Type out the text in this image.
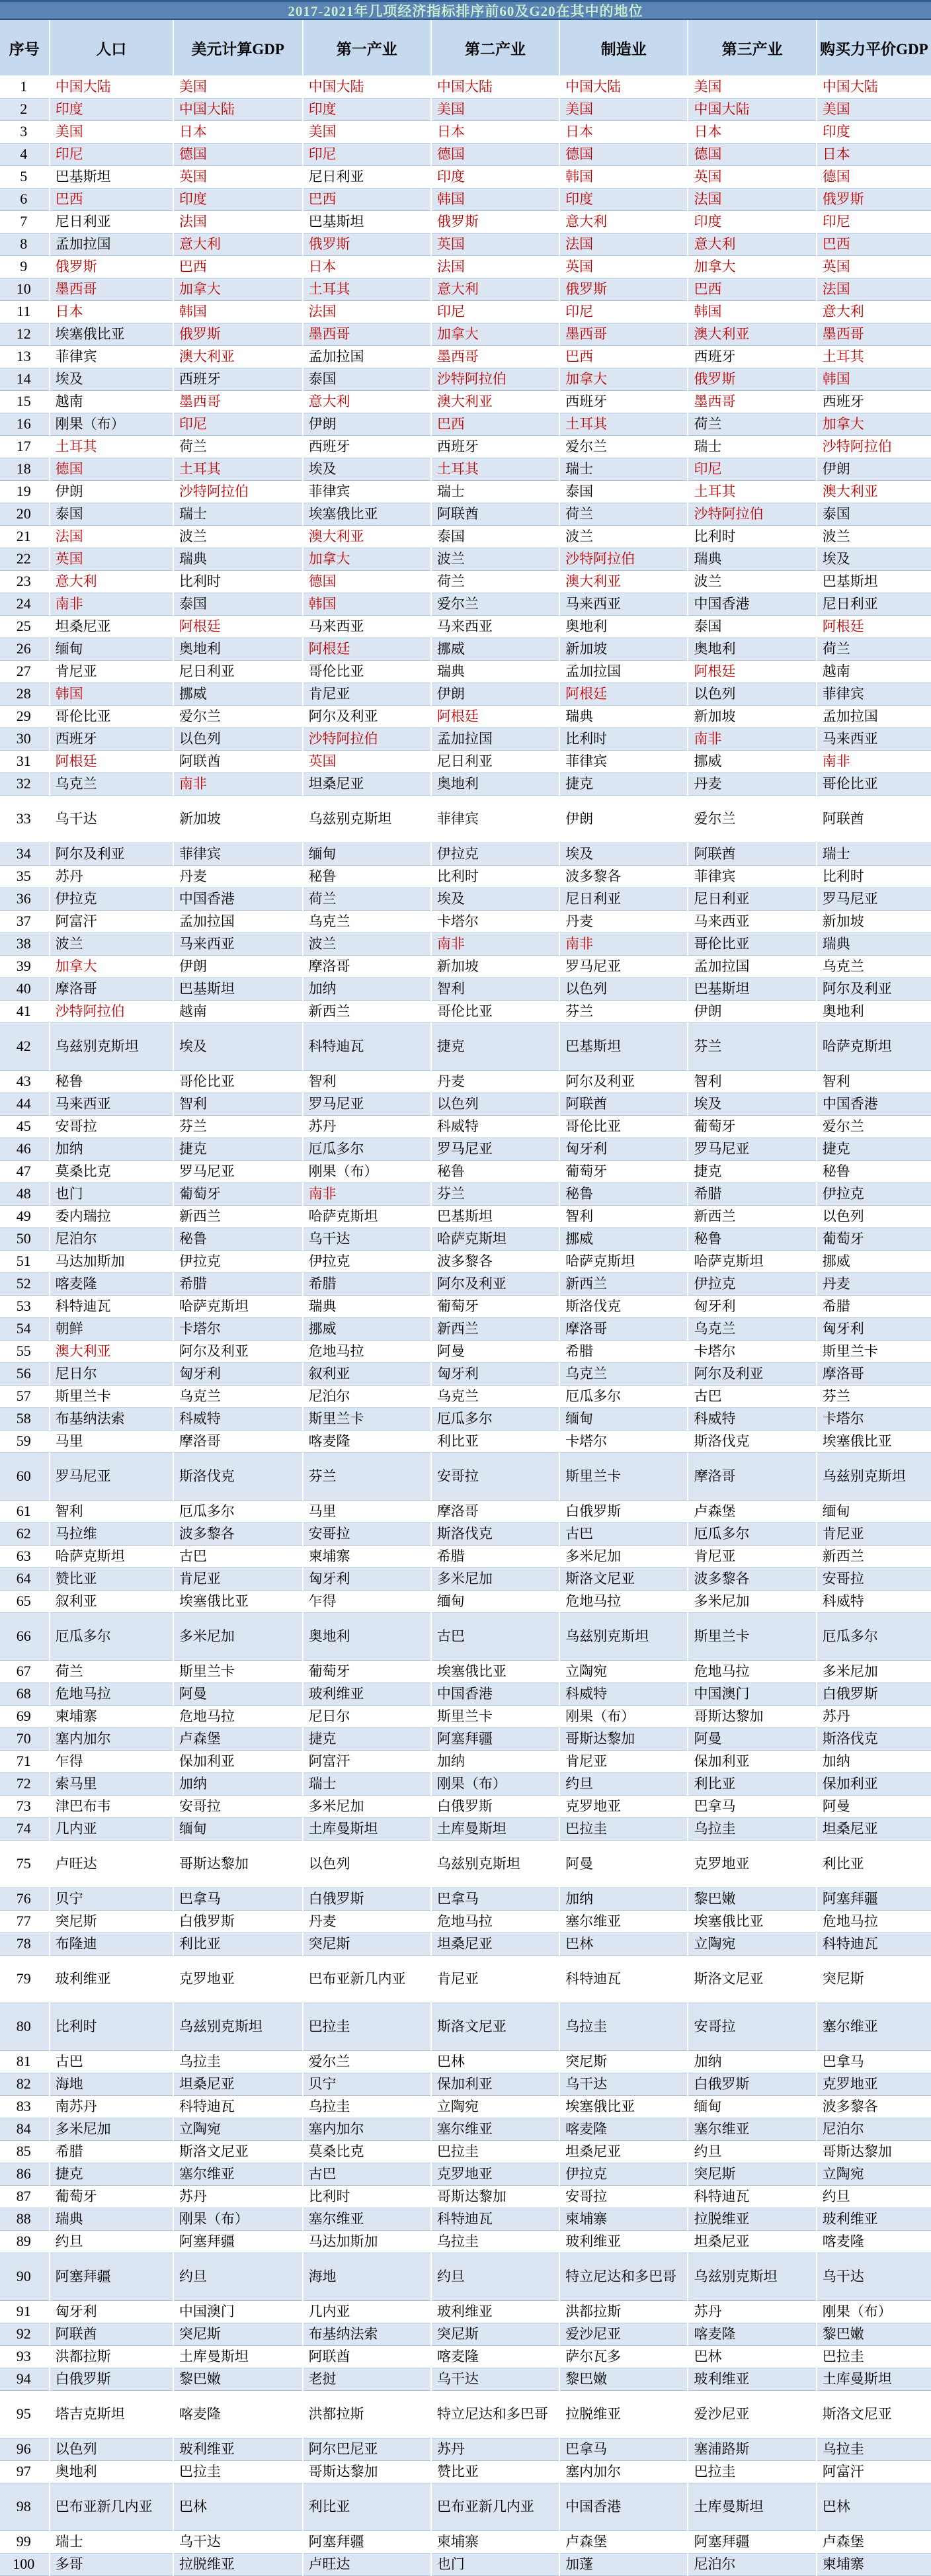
2017-2021年几项经济指标排序前60及G20在其中的地位
序号	人口	美元计算GDP	第一产业	第二产业	制造业	第三产业	购买力平价GDP
1	中国大陆	美国	中国大陆	中国大陆	中国大陆	美国	中国大陆
2	印度	中国大陆	印度	美国	美国	中国大陆	美国
3	美国	日本	美国	日本	日本	日本	印度
4	印尼	德国	印尼	德国	德国	德国	日本
5	巴基斯坦	英国	尼日利亚	印度	韩国	英国	德国
6	巴西	印度	巴西	韩国	印度	法国	俄罗斯
7	尼日利亚	法国	巴基斯坦	俄罗斯	意大利	印度	印尼
8	孟加拉国	意大利	俄罗斯	英国	法国	意大利	巴西
9	俄罗斯	巴西	日本	法国	英国	加拿大	英国
10	墨西哥	加拿大	土耳其	意大利	俄罗斯	巴西	法国
11	日本	韩国	法国	印尼	印尼	韩国	意大利
12	埃塞俄比亚	俄罗斯	墨西哥	加拿大	墨西哥	澳大利亚	墨西哥
13	菲律宾	澳大利亚	孟加拉国	墨西哥	巴西	西班牙	土耳其
14	埃及	西班牙	泰国	沙特阿拉伯	加拿大	俄罗斯	韩国
15	越南	墨西哥	意大利	澳大利亚	西班牙	墨西哥	西班牙
16	刚果（布）	印尼	伊朗	巴西	土耳其	荷兰	加拿大
17	土耳其	荷兰	西班牙	西班牙	爱尔兰	瑞士	沙特阿拉伯
18	德国	土耳其	埃及	土耳其	瑞士	印尼	伊朗
19	伊朗	沙特阿拉伯	菲律宾	瑞士	泰国	土耳其	澳大利亚
20	泰国	瑞士	埃塞俄比亚	阿联酋	荷兰	沙特阿拉伯	泰国
21	法国	波兰	澳大利亚	泰国	波兰	比利时	波兰
22	英国	瑞典	加拿大	波兰	沙特阿拉伯	瑞典	埃及
23	意大利	比利时	德国	荷兰	澳大利亚	波兰	巴基斯坦
24	南非	泰国	韩国	爱尔兰	马来西亚	中国香港	尼日利亚
25	坦桑尼亚	阿根廷	马来西亚	马来西亚	奥地利	泰国	阿根廷
26	缅甸	奥地利	阿根廷	挪威	新加坡	奥地利	荷兰
27	肯尼亚	尼日利亚	哥伦比亚	瑞典	孟加拉国	阿根廷	越南
28	韩国	挪威	肯尼亚	伊朗	阿根廷	以色列	菲律宾
29	哥伦比亚	爱尔兰	阿尔及利亚	阿根廷	瑞典	新加坡	孟加拉国
30	西班牙	以色列	沙特阿拉伯	孟加拉国	比利时	南非	马来西亚
31	阿根廷	阿联酋	英国	尼日利亚	菲律宾	挪威	南非
32	乌克兰	南非	坦桑尼亚	奥地利	捷克	丹麦	哥伦比亚
33	乌干达	新加坡	乌兹别克斯坦	菲律宾	伊朗	爱尔兰	阿联酋
34	阿尔及利亚	菲律宾	缅甸	伊拉克	埃及	阿联酋	瑞士
35	苏丹	丹麦	秘鲁	比利时	波多黎各	菲律宾	比利时
36	伊拉克	中国香港	荷兰	埃及	尼日利亚	尼日利亚	罗马尼亚
37	阿富汗	孟加拉国	乌克兰	卡塔尔	丹麦	马来西亚	新加坡
38	波兰	马来西亚	波兰	南非	南非	哥伦比亚	瑞典
39	加拿大	伊朗	摩洛哥	新加坡	罗马尼亚	孟加拉国	乌克兰
40	摩洛哥	巴基斯坦	加纳	智利	以色列	巴基斯坦	阿尔及利亚
41	沙特阿拉伯	越南	新西兰	哥伦比亚	芬兰	伊朗	奥地利
42	乌兹别克斯坦	埃及	科特迪瓦	捷克	巴基斯坦	芬兰	哈萨克斯坦
43	秘鲁	哥伦比亚	智利	丹麦	阿尔及利亚	智利	智利
44	马来西亚	智利	罗马尼亚	以色列	阿联酋	埃及	中国香港
45	安哥拉	芬兰	苏丹	科威特	哥伦比亚	葡萄牙	爱尔兰
46	加纳	捷克	厄瓜多尔	罗马尼亚	匈牙利	罗马尼亚	捷克
47	莫桑比克	罗马尼亚	刚果（布）	秘鲁	葡萄牙	捷克	秘鲁
48	也门	葡萄牙	南非	芬兰	秘鲁	希腊	伊拉克
49	委内瑞拉	新西兰	哈萨克斯坦	巴基斯坦	智利	新西兰	以色列
50	尼泊尔	秘鲁	乌干达	哈萨克斯坦	挪威	秘鲁	葡萄牙
51	马达加斯加	伊拉克	伊拉克	波多黎各	哈萨克斯坦	哈萨克斯坦	挪威
52	喀麦隆	希腊	希腊	阿尔及利亚	新西兰	伊拉克	丹麦
53	科特迪瓦	哈萨克斯坦	瑞典	葡萄牙	斯洛伐克	匈牙利	希腊
54	朝鲜	卡塔尔	挪威	新西兰	摩洛哥	乌克兰	匈牙利
55	澳大利亚	阿尔及利亚	危地马拉	阿曼	希腊	卡塔尔	斯里兰卡
56	尼日尔	匈牙利	叙利亚	匈牙利	乌克兰	阿尔及利亚	摩洛哥
57	斯里兰卡	乌克兰	尼泊尔	乌克兰	厄瓜多尔	古巴	芬兰
58	布基纳法索	科威特	斯里兰卡	厄瓜多尔	缅甸	科威特	卡塔尔
59	马里	摩洛哥	喀麦隆	利比亚	卡塔尔	斯洛伐克	埃塞俄比亚
60	罗马尼亚	斯洛伐克	芬兰	安哥拉	斯里兰卡	摩洛哥	乌兹别克斯坦
61	智利	厄瓜多尔	马里	摩洛哥	白俄罗斯	卢森堡	缅甸
62	马拉维	波多黎各	安哥拉	斯洛伐克	古巴	厄瓜多尔	肯尼亚
63	哈萨克斯坦	古巴	柬埔寨	希腊	多米尼加	肯尼亚	新西兰
64	赞比亚	肯尼亚	匈牙利	多米尼加	斯洛文尼亚	波多黎各	安哥拉
65	叙利亚	埃塞俄比亚	乍得	缅甸	危地马拉	多米尼加	科威特
66	厄瓜多尔	多米尼加	奥地利	古巴	乌兹别克斯坦	斯里兰卡	厄瓜多尔
67	荷兰	斯里兰卡	葡萄牙	埃塞俄比亚	立陶宛	危地马拉	多米尼加
68	危地马拉	阿曼	玻利维亚	中国香港	科威特	中国澳门	白俄罗斯
69	柬埔寨	危地马拉	尼日尔	斯里兰卡	刚果（布）	哥斯达黎加	苏丹
70	塞内加尔	卢森堡	捷克	阿塞拜疆	哥斯达黎加	阿曼	斯洛伐克
71	乍得	保加利亚	阿富汗	加纳	肯尼亚	保加利亚	加纳
72	索马里	加纳	瑞士	刚果（布）	约旦	利比亚	保加利亚
73	津巴布韦	安哥拉	多米尼加	白俄罗斯	克罗地亚	巴拿马	阿曼
74	几内亚	缅甸	土库曼斯坦	土库曼斯坦	巴拉圭	乌拉圭	坦桑尼亚
75	卢旺达	哥斯达黎加	以色列	乌兹别克斯坦	阿曼	克罗地亚	利比亚
76	贝宁	巴拿马	白俄罗斯	巴拿马	加纳	黎巴嫩	阿塞拜疆
77	突尼斯	白俄罗斯	丹麦	危地马拉	塞尔维亚	埃塞俄比亚	危地马拉
78	布隆迪	利比亚	突尼斯	坦桑尼亚	巴林	立陶宛	科特迪瓦
79	玻利维亚	克罗地亚	巴布亚新几内亚	肯尼亚	科特迪瓦	斯洛文尼亚	突尼斯
80	比利时	乌兹别克斯坦	巴拉圭	斯洛文尼亚	乌拉圭	安哥拉	塞尔维亚
81	古巴	乌拉圭	爱尔兰	巴林	突尼斯	加纳	巴拿马
82	海地	坦桑尼亚	贝宁	保加利亚	乌干达	白俄罗斯	克罗地亚
83	南苏丹	科特迪瓦	乌拉圭	立陶宛	埃塞俄比亚	缅甸	波多黎各
84	多米尼加	立陶宛	塞内加尔	塞尔维亚	喀麦隆	塞尔维亚	尼泊尔
85	希腊	斯洛文尼亚	莫桑比克	巴拉圭	坦桑尼亚	约旦	哥斯达黎加
86	捷克	塞尔维亚	古巴	克罗地亚	伊拉克	突尼斯	立陶宛
87	葡萄牙	苏丹	比利时	哥斯达黎加	安哥拉	科特迪瓦	约旦
88	瑞典	刚果（布）	塞尔维亚	科特迪瓦	柬埔寨	拉脱维亚	玻利维亚
89	约旦	阿塞拜疆	马达加斯加	乌拉圭	玻利维亚	坦桑尼亚	喀麦隆
90	阿塞拜疆	约旦	海地	约旦	特立尼达和多巴哥	乌兹别克斯坦	乌干达
91	匈牙利	中国澳门	几内亚	玻利维亚	洪都拉斯	苏丹	刚果（布）
92	阿联酋	突尼斯	布基纳法索	突尼斯	爱沙尼亚	喀麦隆	黎巴嫩
93	洪都拉斯	土库曼斯坦	阿联酋	喀麦隆	萨尔瓦多	巴林	巴拉圭
94	白俄罗斯	黎巴嫩	老挝	乌干达	黎巴嫩	玻利维亚	土库曼斯坦
95	塔吉克斯坦	喀麦隆	洪都拉斯	特立尼达和多巴哥	拉脱维亚	爱沙尼亚	斯洛文尼亚
96	以色列	玻利维亚	阿尔巴尼亚	苏丹	巴拿马	塞浦路斯	乌拉圭
97	奥地利	巴拉圭	哥斯达黎加	赞比亚	塞内加尔	巴拉圭	阿富汗
98	巴布亚新几内亚	巴林	利比亚	巴布亚新几内亚	中国香港	土库曼斯坦	巴林
99	瑞士	乌干达	阿塞拜疆	柬埔寨	卢森堡	阿塞拜疆	卢森堡
100	多哥	拉脱维亚	卢旺达	也门	加蓬	尼泊尔	柬埔寨
